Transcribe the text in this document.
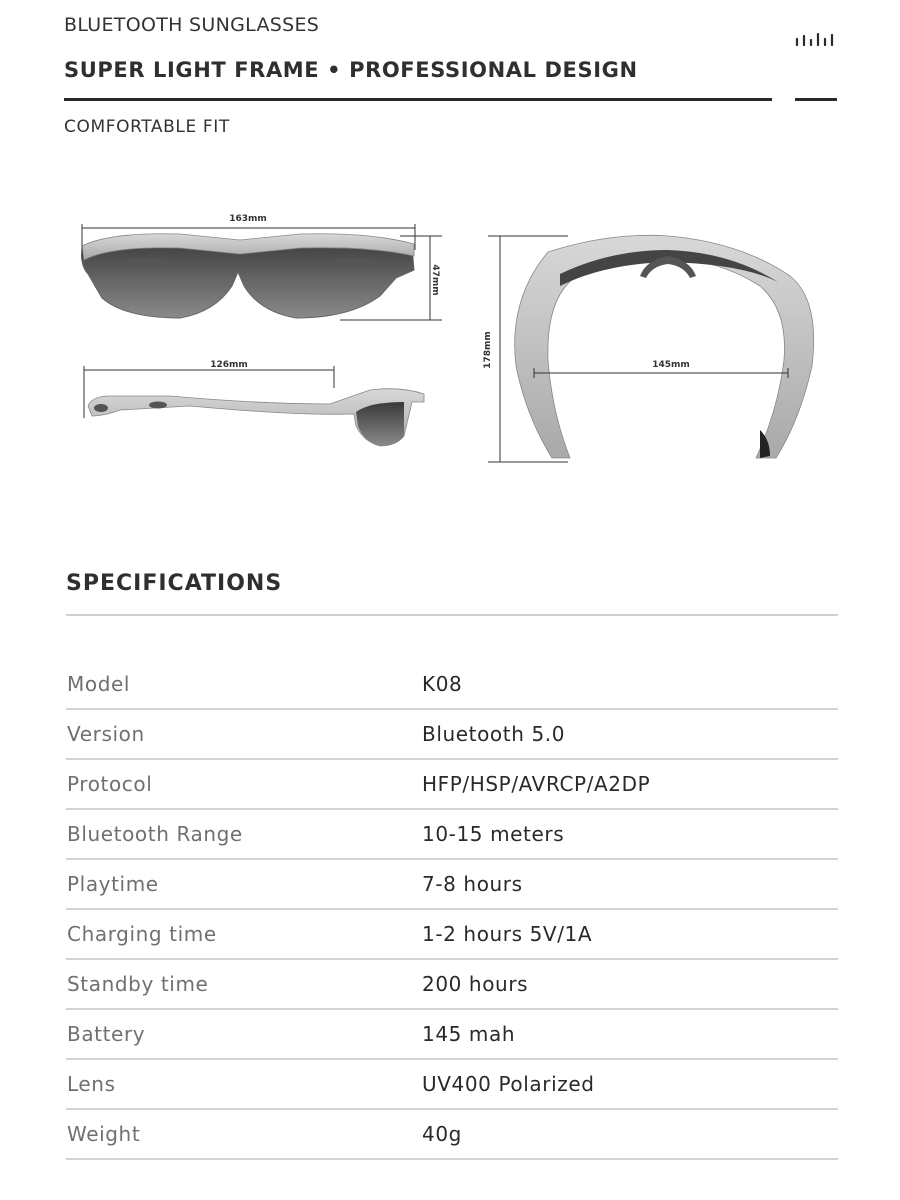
BLUETOOTH SUNGLASSES
SUPER LIGHT FRAME • PROFESSIONAL DESIGN
COMFORTABLE FIT
163mm
47mm
126mm	178mm	145mm
SPECIFICATIONS
Model	K08
Version	Bluetooth 5.0
Protocol	HFP/HSP/AVRCP/A2DP
Bluetooth Range	10-15 meters
Playtime	7-8 hours
Charging time	1-2 hours 5V/1A
Standby time	200 hours
Battery	145 mah
Lens	UV400 Polarized
Weight	40g
